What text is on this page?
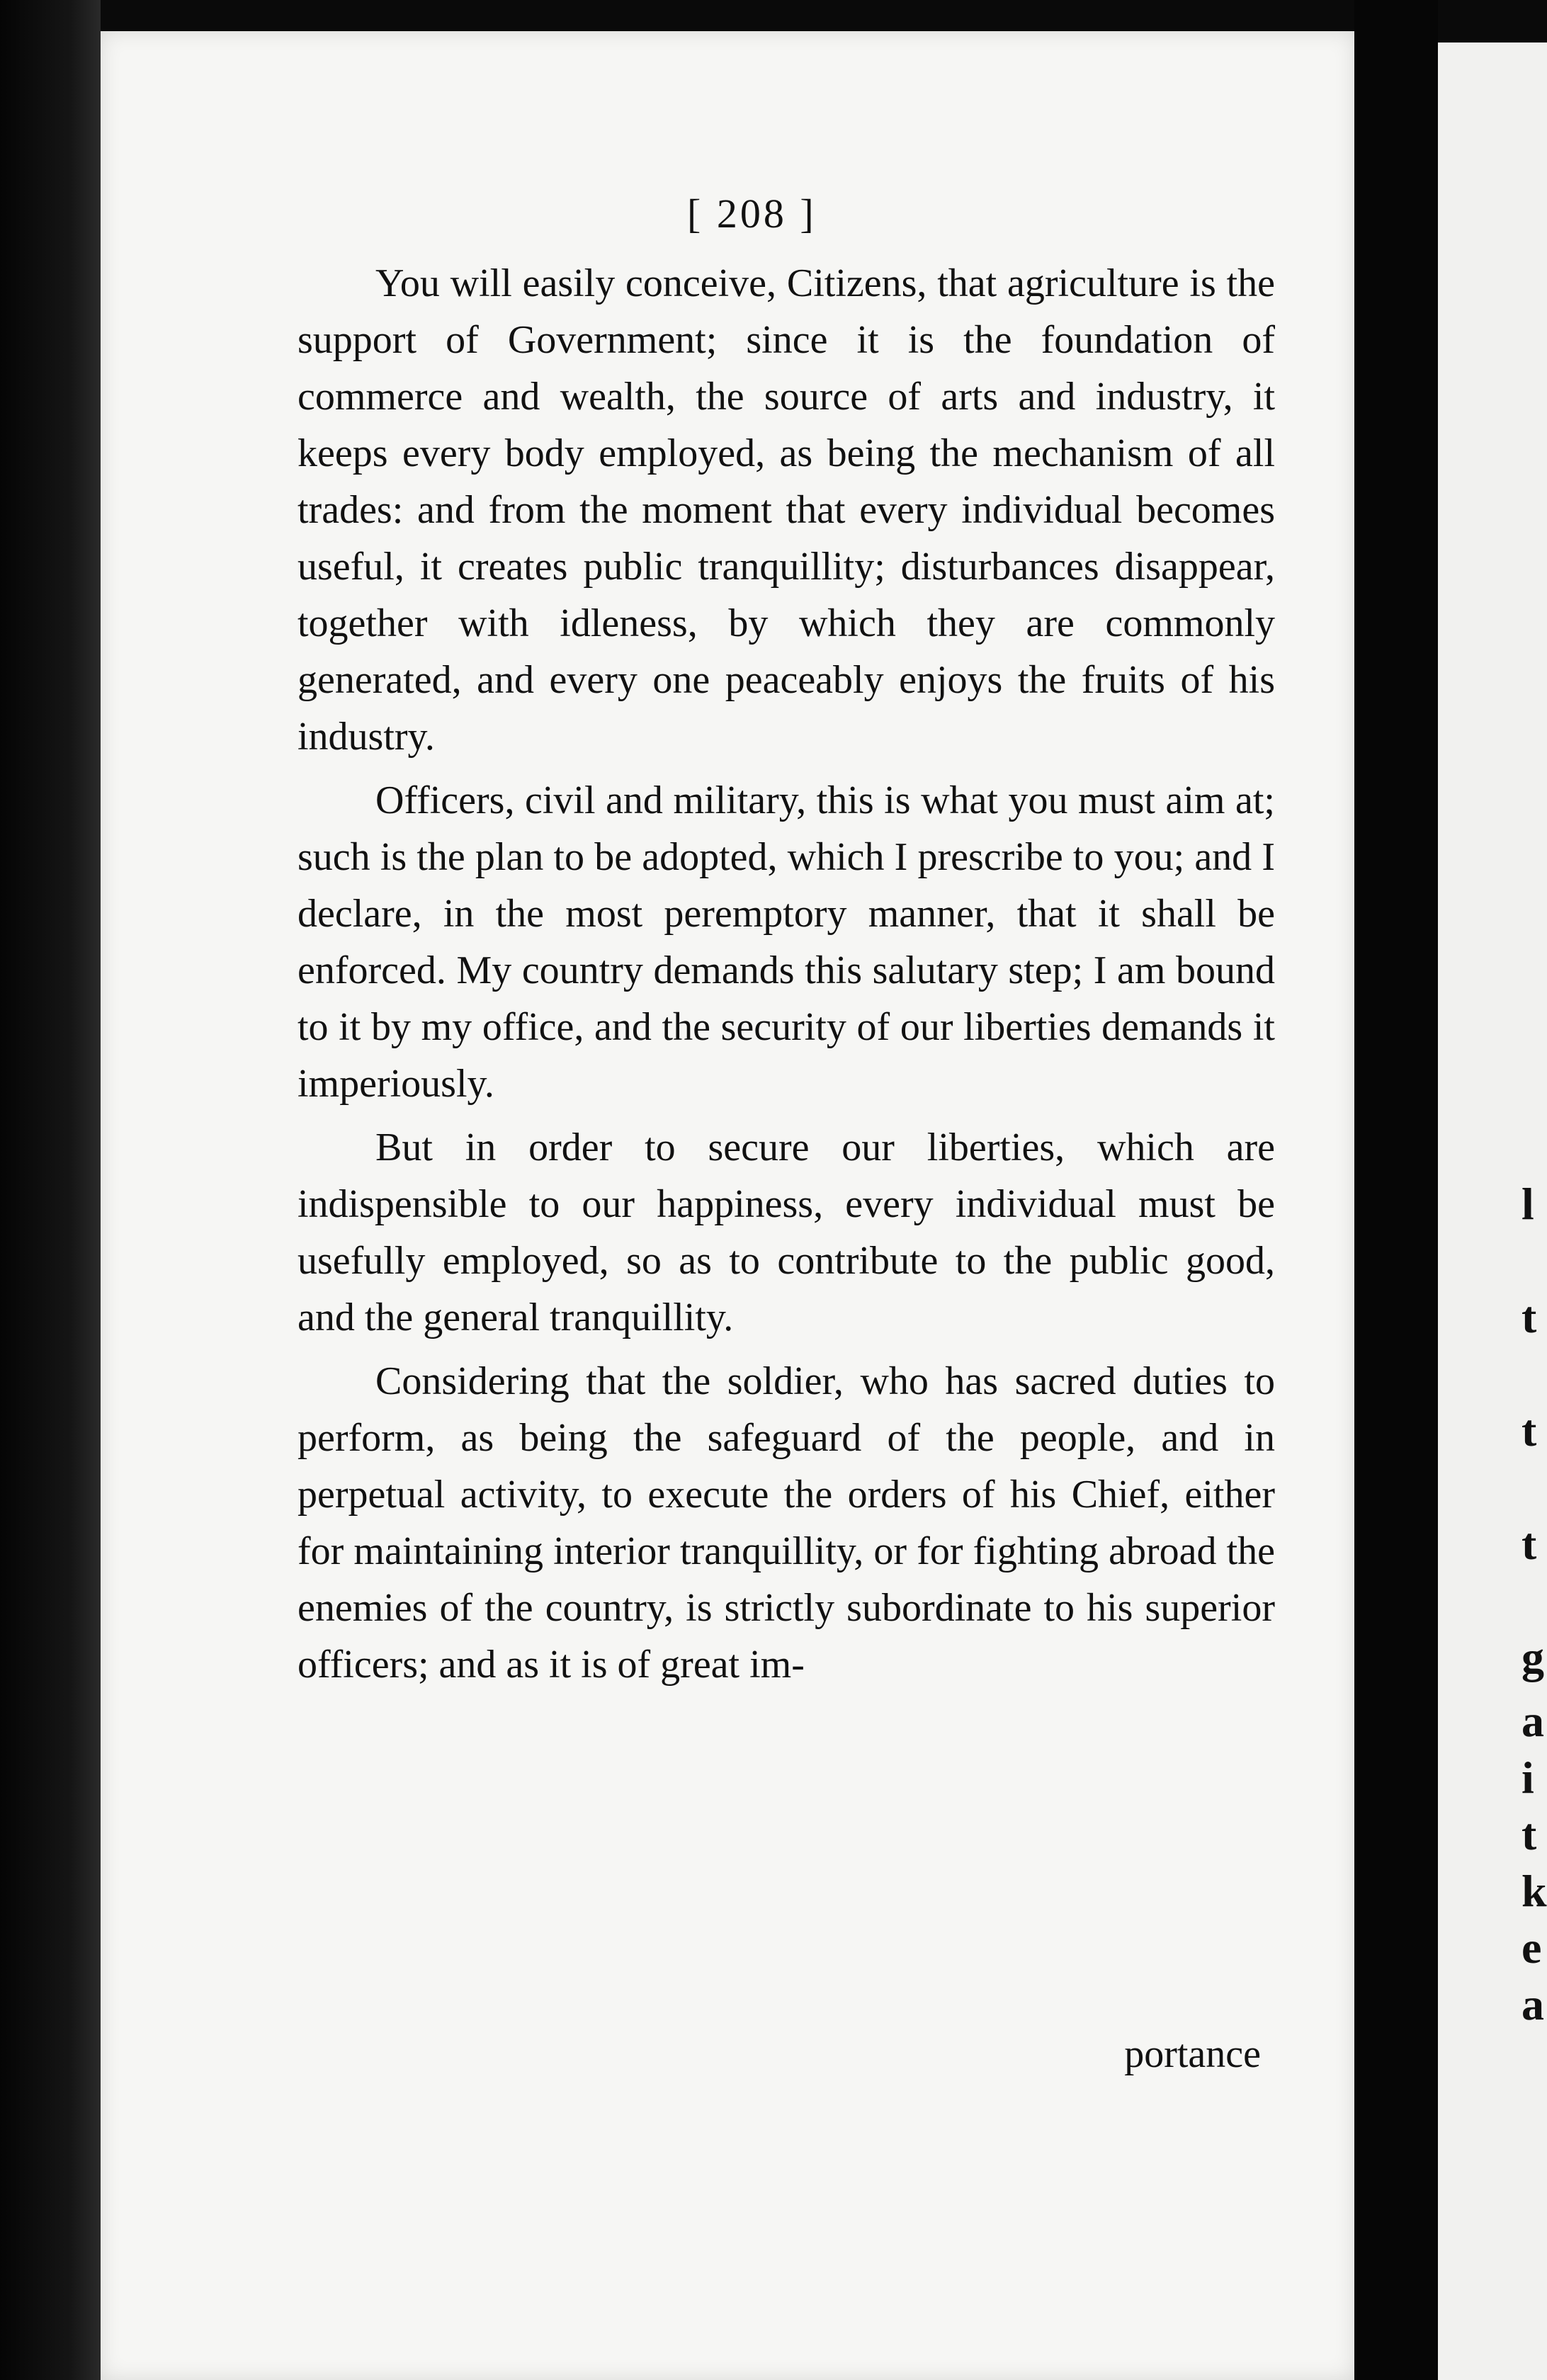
[ 208 ]

You will easily conceive, Citizens, that agriculture is the support of Government; since it is the foundation of commerce and wealth, the source of arts and industry, it keeps every body employed, as being the mechanism of all trades: and from the moment that every individual becomes useful, it creates public tranquillity; disturbances disappear, together with idleness, by which they are commonly generated, and every one peaceably enjoys the fruits of his industry.

Officers, civil and military, this is what you must aim at; such is the plan to be adopted, which I prescribe to you; and I declare, in the most peremptory manner, that it shall be enforced. My country demands this salutary step; I am bound to it by my office, and the security of our liberties demands it imperiously.

But in order to secure our liberties, which are indispensible to our happiness, every individual must be usefully employed, so as to contribute to the public good, and the general tranquillity.

Considering that the soldier, who has sacred duties to perform, as being the safeguard of the people, and in perpetual activity, to execute the orders of his Chief, either for maintaining interior tranquillity, or for fighting abroad the enemies of the country, is strictly subordinate to his superior officers; and as it is of great im-

portance
l
t
t
t
g
a
i
t
k
e
a
